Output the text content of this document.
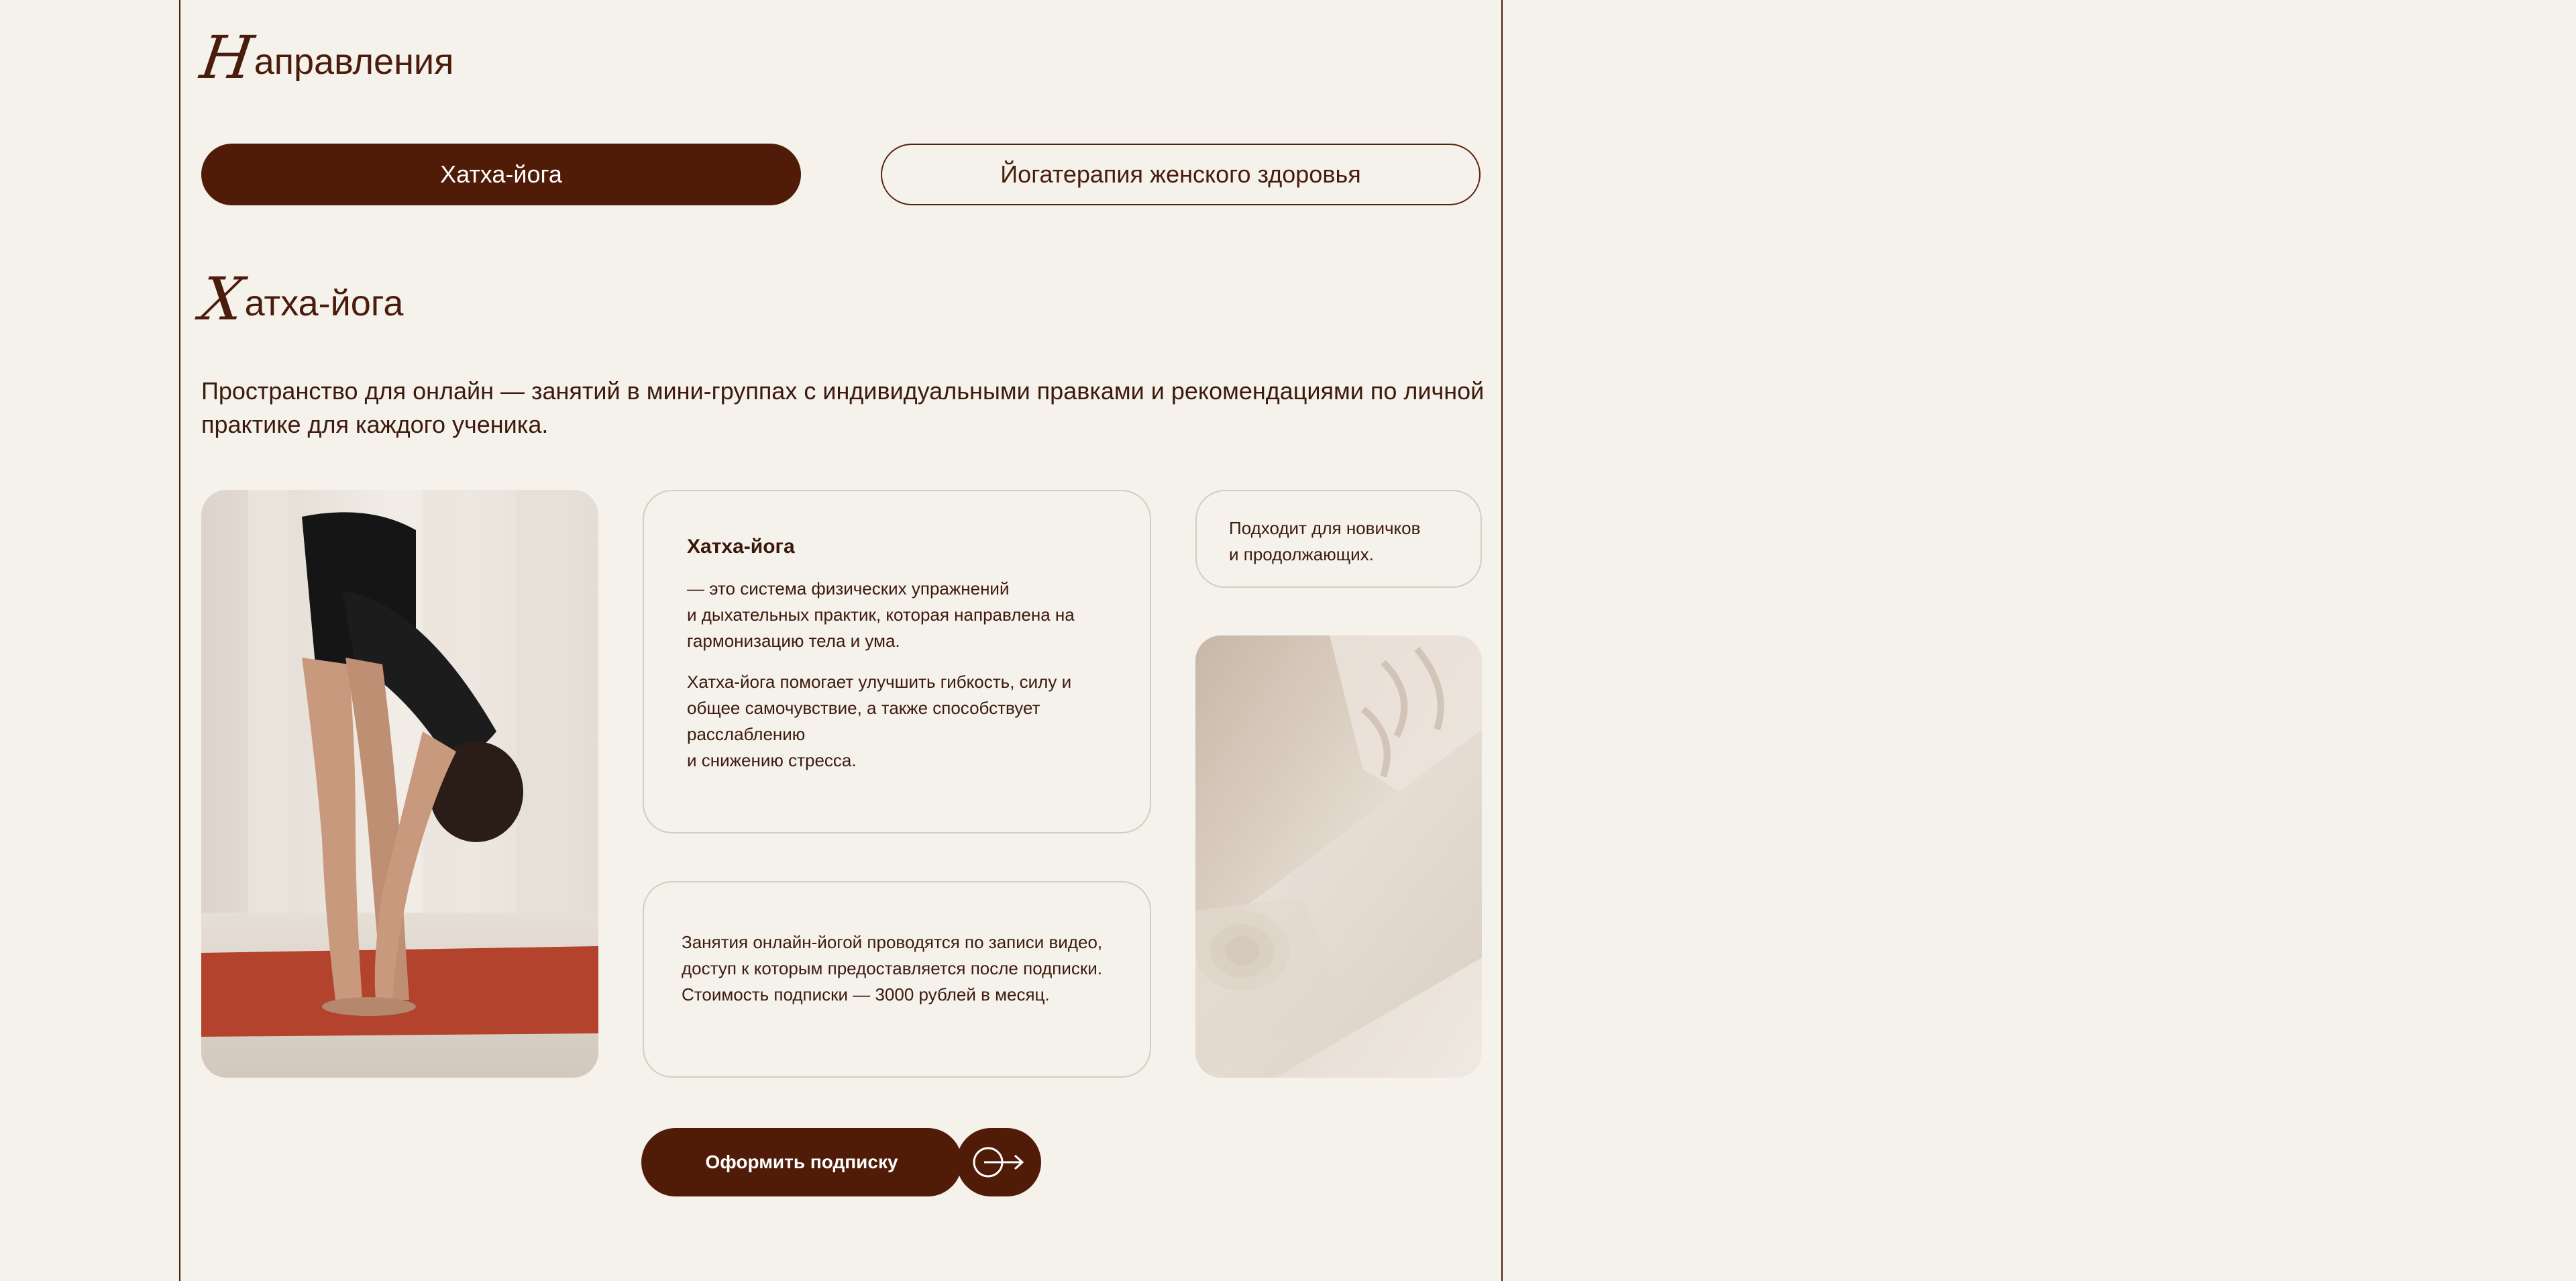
Направления
Хатха-йога	Йогатерапия женского здоровья
Хатха-йога

Пространство для онлайн — занятий в мини-группах с индивидуальными правками и рекомендациями по личной практике для каждого ученика.

Хатха-йога

— это система физических упражнений
и дыхательных практик, которая направлена на гармонизацию тела и ума.

Хатха-йога помогает улучшить гибкость, силу и общее самочувствие, а также способствует расслаблению
и снижению стресса.

Подходит для новичков
и продолжающих.

Занятия онлайн-йогой проводятся по записи видео, доступ к которым предоставляется после подписки.
Стоимость подписки — 3000 рублей в месяц.

Оформить подписку
